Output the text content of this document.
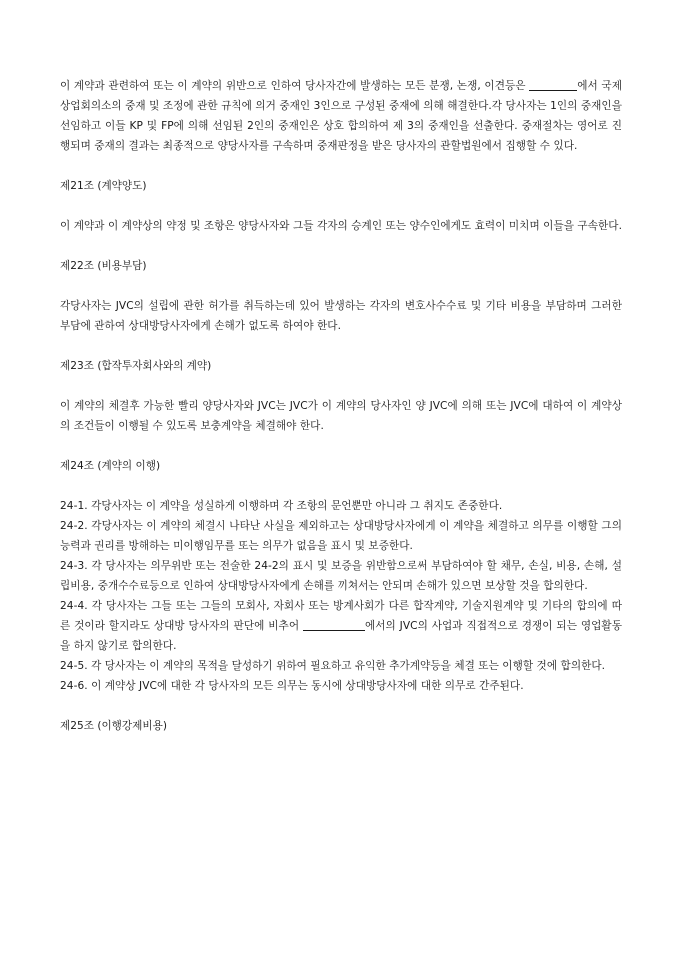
이 계약과 관련하여 또는 이 계약의 위반으로 인하여 당사자간에 발생하는 모든 분쟁, 논쟁, 이견등은	에서 국제상업회의소의 중재 및 조정에 관한 규칙에 의거 중재인 3인으로 구성된 중재에 의해 해결한다.각 당사자는 1인의 중재인을 선임하고 이들 KP 및 FP에 의해 선임된 2인의 중재인은 상호 합의하여 제 3의 중재인을 선출한다. 중재절차는 영어로 진행되며 중재의 결과는 최종적으로 양당사자를 구속하며 중재판정을 받은 당사자의 관할법원에서 집행할 수 있다.

제21조 (계약양도)

이 계약과 이 계약상의 약정 및 조항은 양당사자와 그들 각자의 승계인 또는 양수인에게도 효력이 미치며 이들을 구속한다.

제22조 (비용부담)

각당사자는 JVC의 설립에 관한 허가를 취득하는데 있어 발생하는 각자의 변호사수수료 및 기타 비용을 부담하며 그러한 부담에 관하여 상대방당사자에게 손해가 없도록 하여야 한다.

제23조 (합작투자회사와의 계약)

이 계약의 체결후 가능한 빨리 양당사자와 JVC는 JVC가 이 계약의 당사자인 양 JVC에 의해 또는 JVC에 대하여 이 계약상의 조건들이 이행될 수 있도록 보충계약을 체결해야 한다.

제24조 (계약의 이행)

24-1. 각당사자는 이 계약을 성실하게 이행하며 각 조항의 문언뿐만 아니라 그 취지도 존중한다.

24-2. 각당사자는 이 계약의 체결시 나타난 사실을 제외하고는 상대방당사자에게 이 계약을 체결하고 의무를 이행할 그의 능력과 권리를 방해하는 미이행임무를 또는 의무가 없음을 표시 및 보증한다.

24-3. 각 당사자는 의무위반 또는 전술한 24-2의 표시 및 보증을 위반함으로써 부담하여야 할 채무, 손실, 비용, 손해, 설립비용, 중개수수료등으로 인하여 상대방당사자에게 손해를 끼쳐서는 안되며 손해가 있으면 보상할 것을 합의한다.

24-4. 각 당사자는 그들 또는 그들의 모회사, 자회사 또는 방계사회가 다른 합작계약, 기술지원계약 및 기타의 합의에 따른 것이라 할지라도 상대방 당사자의 판단에 비추어	에서의 JVC의 사업과 직접적으로 경쟁이 되는 영업활동을 하지 않기로 합의한다.

24-5. 각 당사자는 이 계약의 목적을 달성하기 위하여 필요하고 유익한 추가계약등을 체결 또는 이행할 것에 합의한다.

24-6. 이 계약상 JVC에 대한 각 당사자의 모든 의무는 동시에 상대방당사자에 대한 의무로 간주된다.

제25조 (이행강제비용)
